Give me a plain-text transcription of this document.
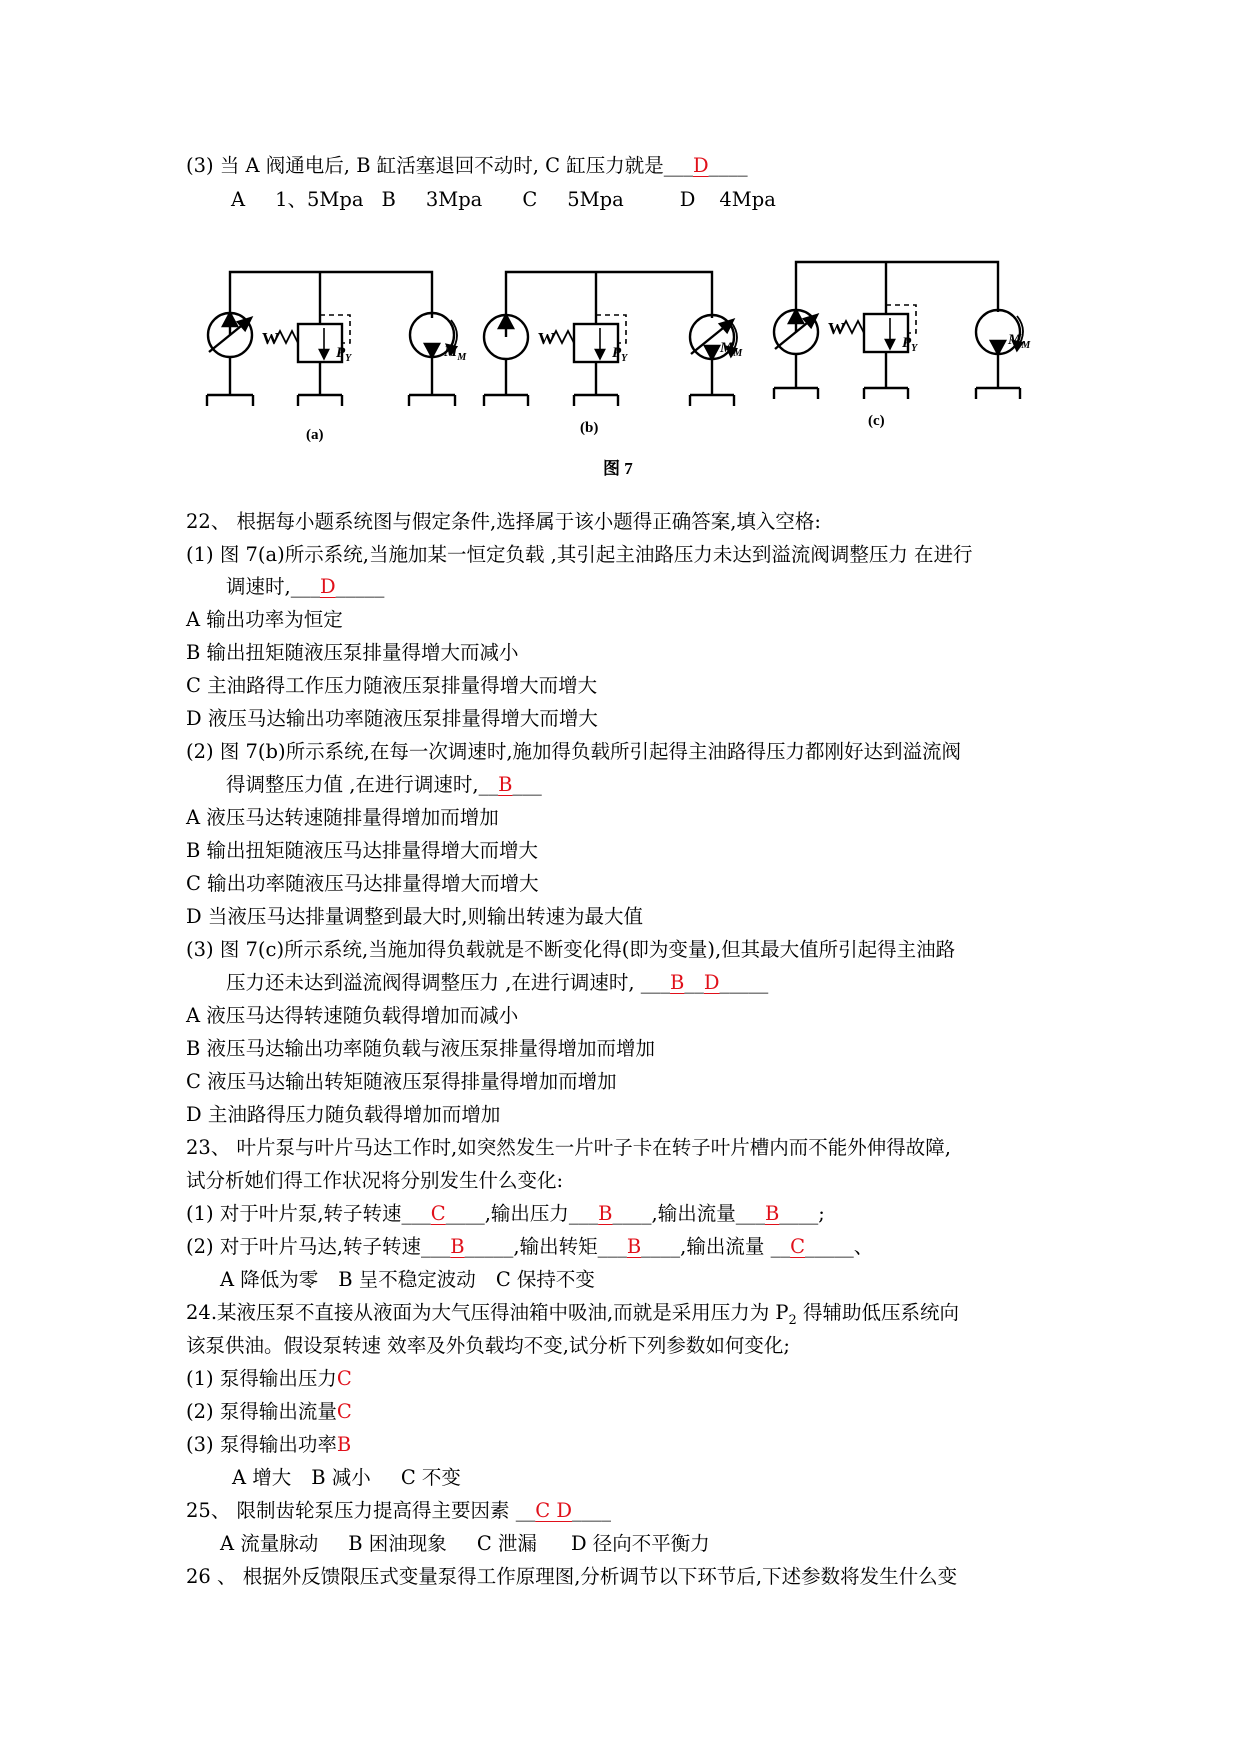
(3) 当 A 阀通电后, B 缸活塞退回不动时, C 缸压力就是___D____
A 1、5Mpa B 3Mpa C 5Mpa	D 4Mpa
W	W
W
$P_Y$	$P_Y$
$P_Y$
$M_M$
$M_M$
$M_M$
(a)	(b)	(c)
图 7
22、 根据每小题系统图与假定条件,选择属于该小题得正确答案,填入空格:
(1) 图 7(a)所示系统,当施加某一恒定负载 ,其引起主油路压力未达到溢流阀调整压力 在进行
调速时,___D_____
A 输出功率为恒定
B 输出扭矩随液压泵排量得增大而减小
C 主油路得工作压力随液压泵排量得增大而增大
D 液压马达输出功率随液压泵排量得增大而增大
(2) 图 7(b)所示系统,在每一次调速时,施加得负载所引起得主油路得压力都刚好达到溢流阀
得调整压力值 ,在进行调速时,__B___
A 液压马达转速随排量得增加而增加
B 输出扭矩随液压马达排量得增大而增大
C 输出功率随液压马达排量得增大而增大
D 当液压马达排量调整到最大时,则输出转速为最大值
(3) 图 7(c)所示系统,当施加得负载就是不断变化得(即为变量),但其最大值所引起得主油路
压力还未达到溢流阀得调整压力 ,在进行调速时, ___B__D_____
A 液压马达得转速随负载得增加而减小
B 液压马达输出功率随负载与液压泵排量得增加而增加
C 液压马达输出转矩随液压泵得排量得增加而增加
D 主油路得压力随负载得增加而增加
23、 叶片泵与叶片马达工作时,如突然发生一片叶子卡在转子叶片槽内而不能外伸得故障,
试分析她们得工作状况将分别发生什么变化:
(1) 对于叶片泵,转子转速___C____,输出压力___B____,输出流量___B____;
(2) 对于叶片马达,转子转速___B_____,输出转矩___B____,输出流量 __C_____、
A 降低为零 B 呈不稳定波动 C 保持不变
24.某液压泵不直接从液面为大气压得油箱中吸油,而就是采用压力为 $P_2$ 得辅助低压系统向
该泵供油。假设泵转速 效率及外负载均不变,试分析下列参数如何变化;
(1) 泵得输出压力C
(2) 泵得输出流量C
(3) 泵得输出功率B
A 增大 B 减小 C 不变
25、 限制齿轮泵压力提高得主要因素 __C D____
A 流量脉动 B 困油现象 C 泄漏 D 径向不平衡力
26 、 根据外反馈限压式变量泵得工作原理图,分析调节以下环节后,下述参数将发生什么变
